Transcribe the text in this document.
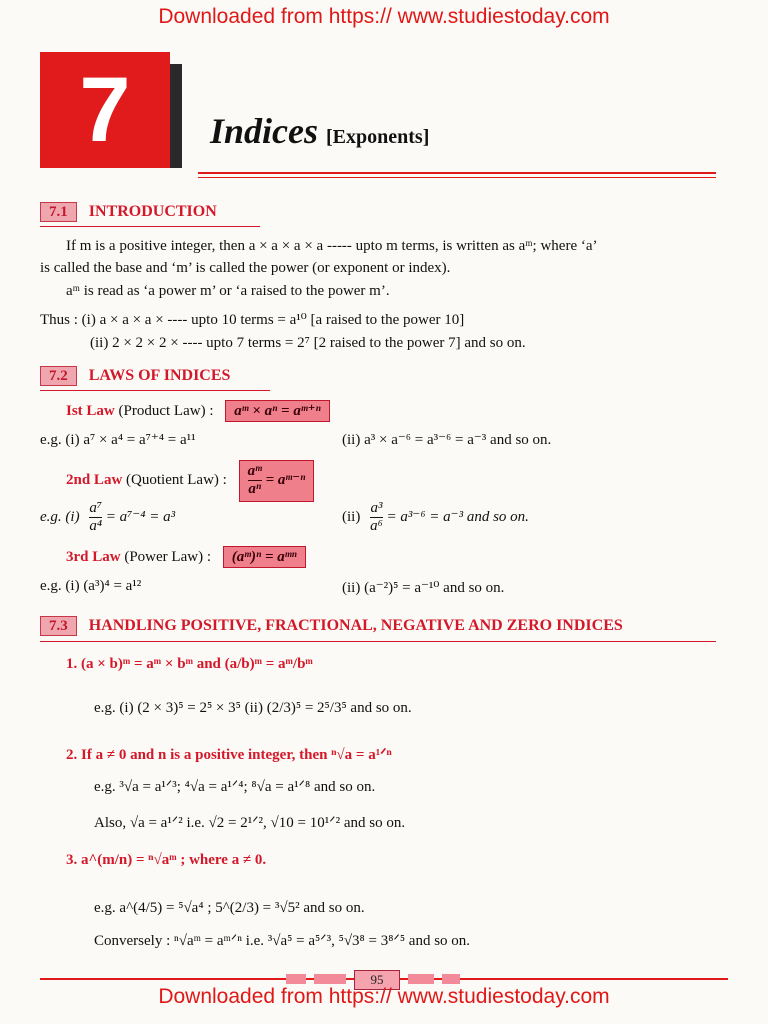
Downloaded from https:// www.studiestoday.com
7	Indices [Exponents]
7.1 INTRODUCTION
If m is a positive integer, then a × a × a × a ----- upto m terms, is written as aᵐ; where ‘a’
is called the base and ‘m’ is called the power (or exponent or index).
aᵐ is read as ‘a power m’ or ‘a raised to the power m’.
Thus : (i) a × a × a × ---- upto 10 terms = a¹⁰ [a raised to the power 10]
(ii) 2 × 2 × 2 × ---- upto 7 terms = 2⁷ [2 raised to the power 7] and so on.
7.2 LAWS OF INDICES
Ist Law (Product Law) : aᵐ × aⁿ = aᵐ⁺ⁿ
e.g. (i) a⁷ × a⁴ = a⁷⁺⁴ = a¹¹	(ii) a³ × a⁻⁶ = a³⁻⁶ = a⁻³ and so on.
2nd Law (Quotient Law) : $\frac{\text{aᵐ}}{\text{aⁿ}}$ = aᵐ⁻ⁿ
e.g. $(i) \frac{\text{a⁷}}{\text{a⁴}} = a^{7-4} = a^3$	$(ii) \frac{\text{a³}}{\text{a⁶}} = a^{3-6} = a^{-3}$ and so on.
3rd Law (Power Law) : (aᵐ)ⁿ = aᵐⁿ
e.g. (i) (a³)⁴ = a¹²	(ii) (a⁻²)⁵ = a⁻¹⁰ and so on.
7.3 HANDLING POSITIVE, FRACTIONAL, NEGATIVE AND ZERO INDICES
1. (a × b)ᵐ = aᵐ × bᵐ and (a/b)ᵐ = aᵐ/bᵐ
e.g. (i) (2 × 3)⁵ = 2⁵ × 3⁵ (ii) (2/3)⁵ = 2⁵/3⁵ and so on.
2. If a ≠ 0 and n is a positive integer, then ⁿ√a = a¹ᐟⁿ
e.g. ³√a = a¹ᐟ³; ⁴√a = a¹ᐟ⁴; ⁸√a = a¹ᐟ⁸ and so on.
Also, √a = a¹ᐟ² i.e. √2 = 2¹ᐟ², √10 = 10¹ᐟ² and so on.
3. a^(m/n) = ⁿ√aᵐ ; where a ≠ 0.
e.g. a^(4/5) = ⁵√a⁴ ; 5^(2/3) = ³√5² and so on.
Conversely : ⁿ√aᵐ = aᵐᐟⁿ i.e. ³√a⁵ = a⁵ᐟ³, ⁵√3⁸ = 3⁸ᐟ⁵ and so on.
95
Downloaded from https:// www.studiestoday.com
